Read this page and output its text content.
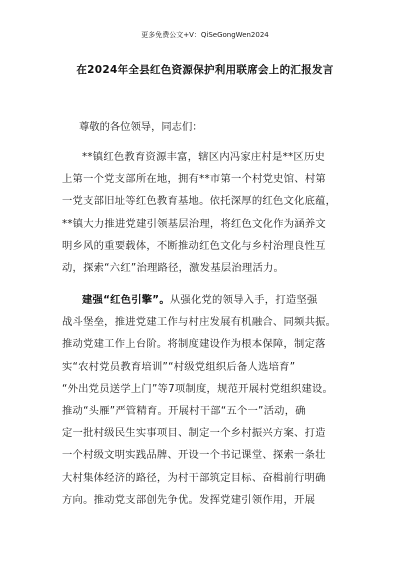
更多免费公文+V：QiSeGongWen2024
在2024年全县红色资源保护利用联席会上的汇报发言
尊敬的各位领导，同志们：
**镇红色教育资源丰富，辖区内冯家庄村是**区历史
上第一个党支部所在地，拥有**市第一个村党史馆、村第
一党支部旧址等红色教育基地。依托深厚的红色文化底蕴，
**镇大力推进党建引领基层治理，将红色文化作为涵养文
明乡风的重要载体，不断推动红色文化与乡村治理良性互
动，探索“六红”治理路径，激发基层治理活力。
建强“红色引擎”。从强化党的领导入手，打造坚强
战斗堡垒，推进党建工作与村庄发展有机融合、同频共振。
推动党建工作上台阶。将制度建设作为根本保障，制定落
实“农村党员教育培训”“村级党组织后备人选培育”
“外出党员送学上门”等7项制度，规范开展村党组织建设。
推动“头雁”严管精育。开展村干部“五个一”活动，确
定一批村级民生实事项目、制定一个乡村振兴方案、打造
一个村级文明实践品牌、开设一个书记课堂、探索一条壮
大村集体经济的路径，为村干部筑定目标、奋楫前行明确
方向。推动党支部创先争优。发挥党建引领作用，开展
